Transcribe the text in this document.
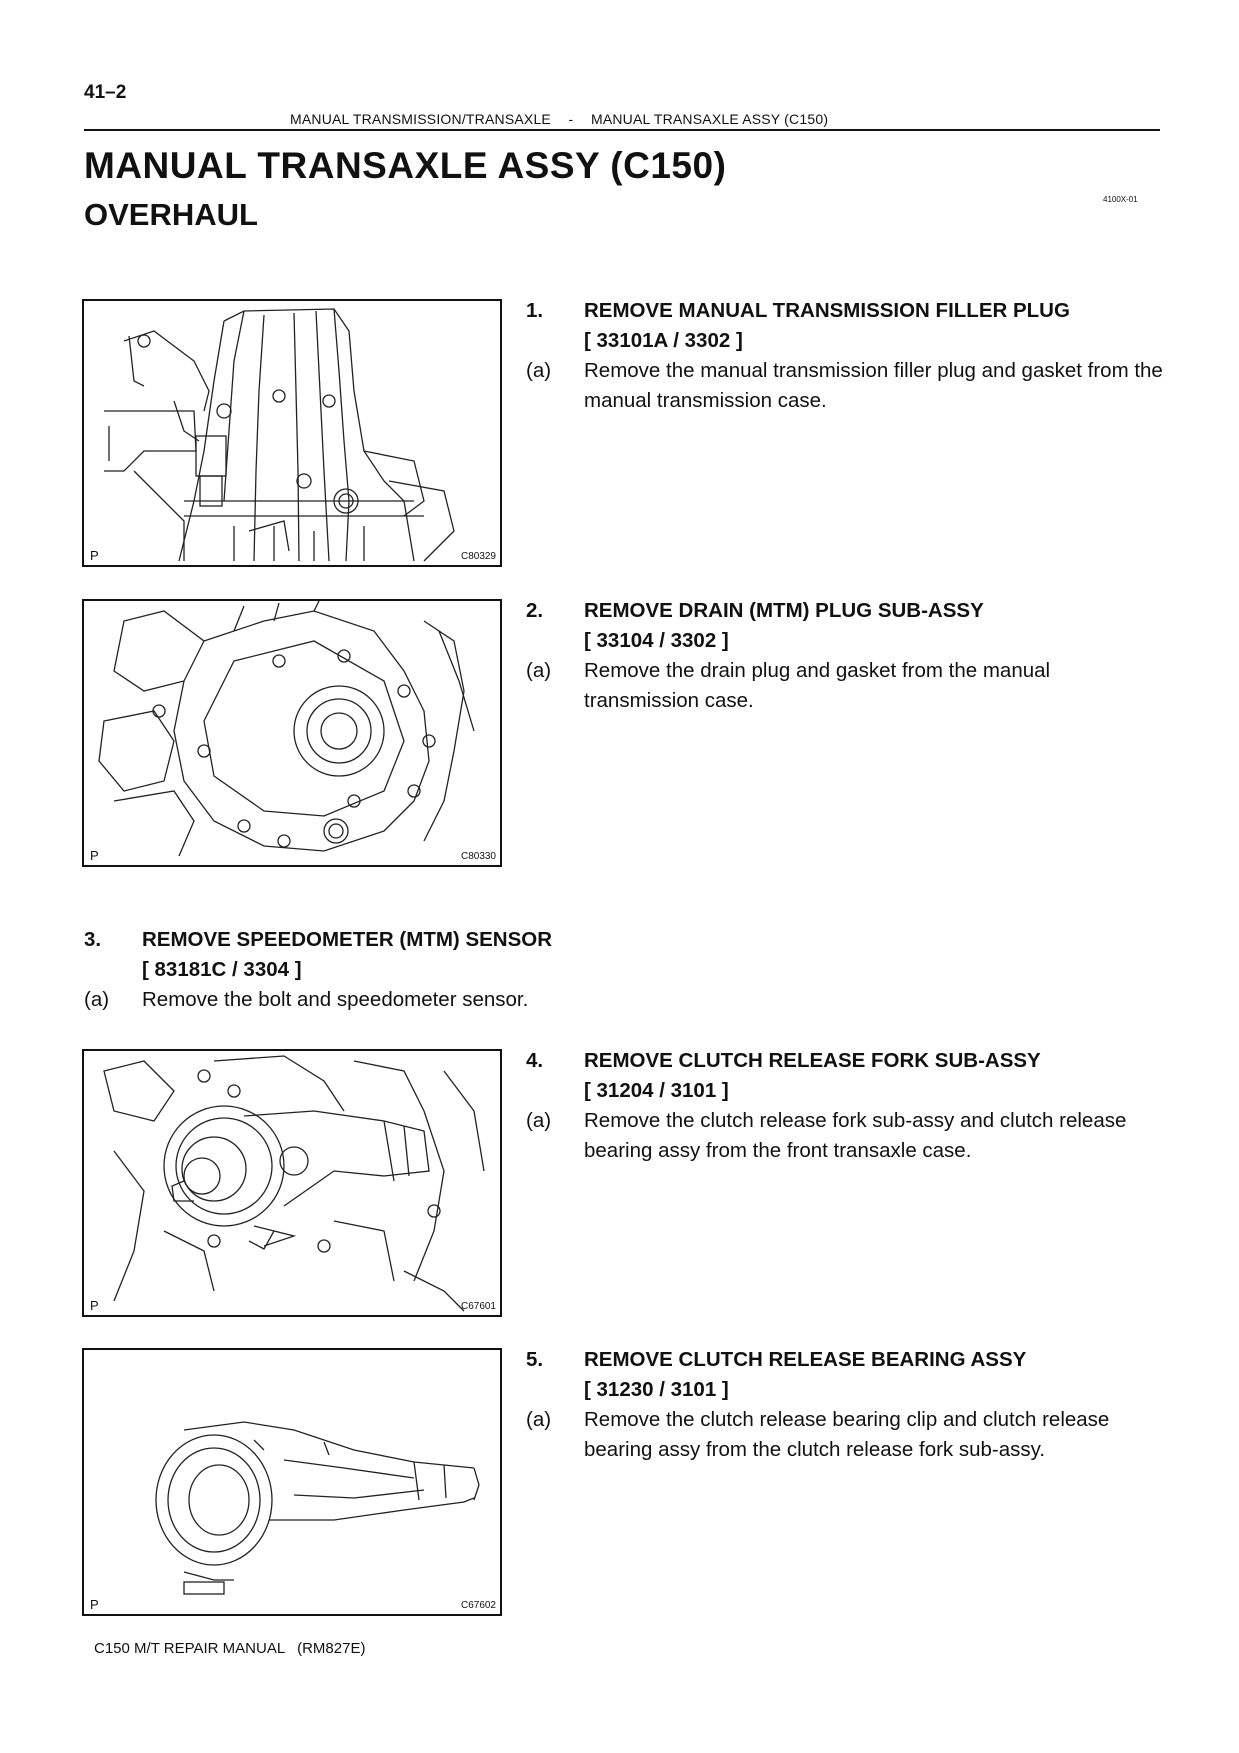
41–2
MANUAL TRANSMISSION/TRANSAXLE - MANUAL TRANSAXLE ASSY (C150)
MANUAL TRANSAXLE ASSY (C150)
OVERHAUL	4100X-01
P	C80329
P	C80330
P	C67601
P	C67602
1. REMOVE MANUAL TRANSMISSION FILLER PLUG
[ 33101A / 3302 ]
(a) Remove the manual transmission filler plug and gasket from the manual transmission case.
2. REMOVE DRAIN (MTM) PLUG SUB-ASSY
[ 33104 / 3302 ]
(a) Remove the drain plug and gasket from the manual transmission case.
3. REMOVE SPEEDOMETER (MTM) SENSOR
[ 83181C / 3304 ]
(a) Remove the bolt and speedometer sensor.
4. REMOVE CLUTCH RELEASE FORK SUB-ASSY
[ 31204 / 3101 ]
(a) Remove the clutch release fork sub-assy and clutch release bearing assy from the front transaxle case.
5. REMOVE CLUTCH RELEASE BEARING ASSY
[ 31230 / 3101 ]
(a) Remove the clutch release bearing clip and clutch release bearing assy from the clutch release fork sub-assy.
C150 M/T REPAIR MANUAL   (RM827E)
